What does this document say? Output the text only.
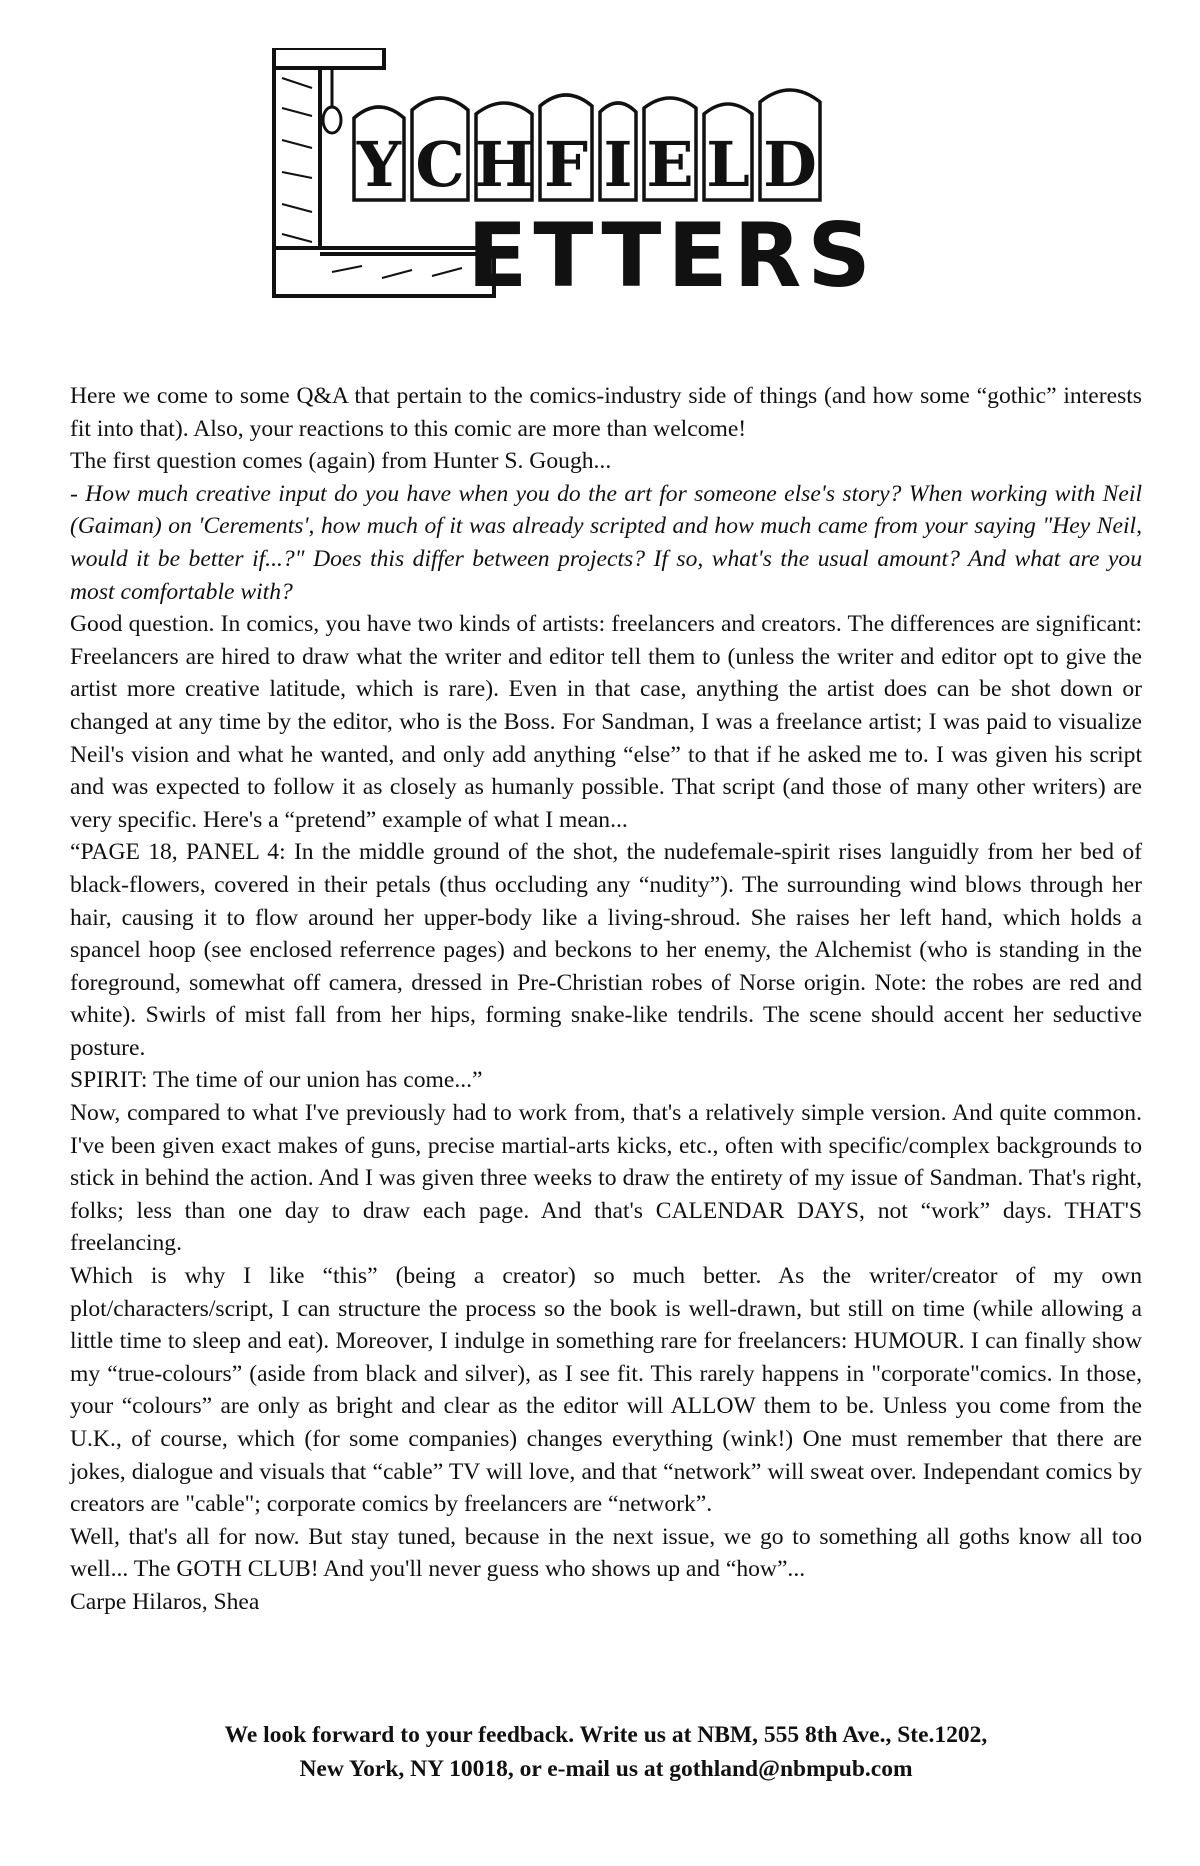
Y C H F I E L D
ETTERS

Here we come to some Q&A that pertain to the comics-industry side of things (and how some “gothic” interests fit into that). Also, your reactions to this comic are more than welcome!

The first question comes (again) from Hunter S. Gough...

- How much creative input do you have when you do the art for someone else's story? When working with Neil (Gaiman) on 'Cerements', how much of it was already scripted and how much came from your saying "Hey Neil, would it be better if...?" Does this differ between projects? If so, what's the usual amount? And what are you most comfortable with?

Good question. In comics, you have two kinds of artists: freelancers and creators. The differences are significant: Freelancers are hired to draw what the writer and editor tell them to (unless the writer and editor opt to give the artist more creative latitude, which is rare). Even in that case, anything the artist does can be shot down or changed at any time by the editor, who is the Boss. For Sandman, I was a freelance artist; I was paid to visualize Neil's vision and what he wanted, and only add anything “else” to that if he asked me to. I was given his script and was expected to follow it as closely as humanly possible. That script (and those of many other writers) are very specific. Here's a “pretend” example of what I mean...

“PAGE 18, PANEL 4: In the middle ground of the shot, the nudefemale-spirit rises languidly from her bed of black-flowers, covered in their petals (thus occluding any “nudity”). The surrounding wind blows through her hair, causing it to flow around her upper-body like a living-shroud. She raises her left hand, which holds a spancel hoop (see enclosed referrence pages) and beckons to her enemy, the Alchemist (who is standing in the foreground, somewhat off camera, dressed in Pre-Christian robes of Norse origin. Note: the robes are red and white). Swirls of mist fall from her hips, forming snake-like tendrils. The scene should accent her seductive posture.

SPIRIT: The time of our union has come...”

Now, compared to what I've previously had to work from, that's a relatively simple version. And quite common. I've been given exact makes of guns, precise martial-arts kicks, etc., often with specific/complex backgrounds to stick in behind the action. And I was given three weeks to draw the entirety of my issue of Sandman. That's right, folks; less than one day to draw each page. And that's CALENDAR DAYS, not “work” days. THAT'S freelancing.

Which is why I like “this” (being a creator) so much better. As the writer/creator of my own plot/characters/script, I can structure the process so the book is well-drawn, but still on time (while allowing a little time to sleep and eat). Moreover, I indulge in something rare for freelancers: HUMOUR. I can finally show my “true-colours” (aside from black and silver), as I see fit. This rarely happens in "corporate"comics. In those, your “colours” are only as bright and clear as the editor will ALLOW them to be. Unless you come from the U.K., of course, which (for some companies) changes everything (wink!) One must remember that there are jokes, dialogue and visuals that “cable” TV will love, and that “network” will sweat over. Independant comics by creators are "cable"; corporate comics by freelancers are “network”.

Well, that's all for now. But stay tuned, because in the next issue, we go to something all goths know all too well... The GOTH CLUB! And you'll never guess who shows up and “how”...

Carpe Hilaros, Shea

We look forward to your feedback. Write us at NBM, 555 8th Ave., Ste.1202,

New York, NY 10018, or e-mail us at gothland@nbmpub.com
